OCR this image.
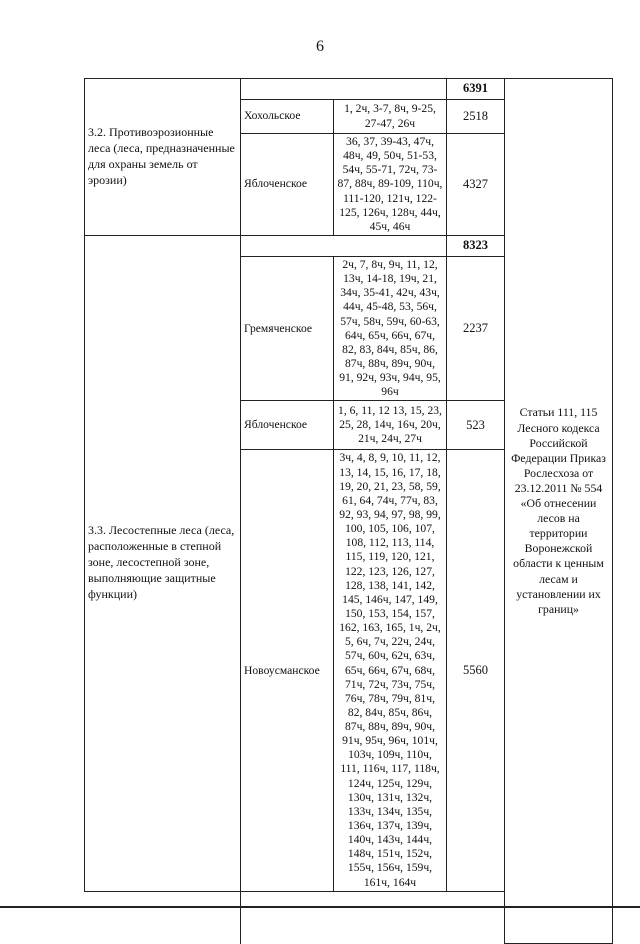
6
3.2. Противоэрозионные леса (леса, предназначенные для охраны земель от эрозии)			6391	Статьи 111, 115 Лесного кодекса Российской Федерации Приказ Рослесхоза от 23.12.2011 № 554 «Об отнесении лесов на территории Воронежской области к ценным лесам и установлении их границ»
	Хохольское	1, 2ч, 3-7, 8ч, 9-25, 27-47, 26ч	2518	
	Яблоченское	36, 37, 39-43, 47ч, 48ч, 49, 50ч, 51-53, 54ч, 55-71, 72ч, 73-87, 88ч, 89-109, 110ч, 111-120, 121ч, 122-125, 126ч, 128ч, 44ч, 45ч, 46ч	4327	
3.3. Лесостепные леса (леса, расположенные в степной зоне, лесостепной зоне, выполняющие защитные функции)			8323	
	Гремяченское	2ч, 7, 8ч, 9ч, 11, 12, 13ч, 14-18, 19ч, 21, 34ч, 35-41, 42ч, 43ч, 44ч, 45-48, 53, 56ч, 57ч, 58ч, 59ч, 60-63, 64ч, 65ч, 66ч, 67ч, 82, 83, 84ч, 85ч, 86, 87ч, 88ч, 89ч, 90ч, 91, 92ч, 93ч, 94ч, 95, 96ч	2237	
	Яблоченское	1, 6, 11, 12 13, 15, 23, 25, 28, 14ч, 16ч, 20ч, 21ч, 24ч, 27ч	523	
	Новоусманское	3ч, 4, 8, 9, 10, 11, 12, 13, 14, 15, 16, 17, 18, 19, 20, 21, 23, 58, 59, 61, 64, 74ч, 77ч, 83, 92, 93, 94, 97, 98, 99, 100, 105, 106, 107, 108, 112, 113, 114, 115, 119, 120, 121, 122, 123, 126, 127, 128, 138, 141, 142, 145, 146ч, 147, 149, 150, 153, 154, 157, 162, 163, 165, 1ч, 2ч, 5, 6ч, 7ч, 22ч, 24ч, 57ч, 60ч, 62ч, 63ч, 65ч, 66ч, 67ч, 68ч, 71ч, 72ч, 73ч, 75ч, 76ч, 78ч, 79ч, 81ч, 82, 84ч, 85ч, 86ч, 87ч, 88ч, 89ч, 90ч, 91ч, 95ч, 96ч, 101ч, 103ч, 109ч, 110ч, 111, 116ч, 117, 118ч, 124ч, 125ч, 129ч, 130ч, 131ч, 132ч, 133ч, 134ч, 135ч, 136ч, 137ч, 139ч, 140ч, 143ч, 144ч, 148ч, 151ч, 152ч, 155ч, 156ч, 159ч, 161ч, 164ч	5560	
